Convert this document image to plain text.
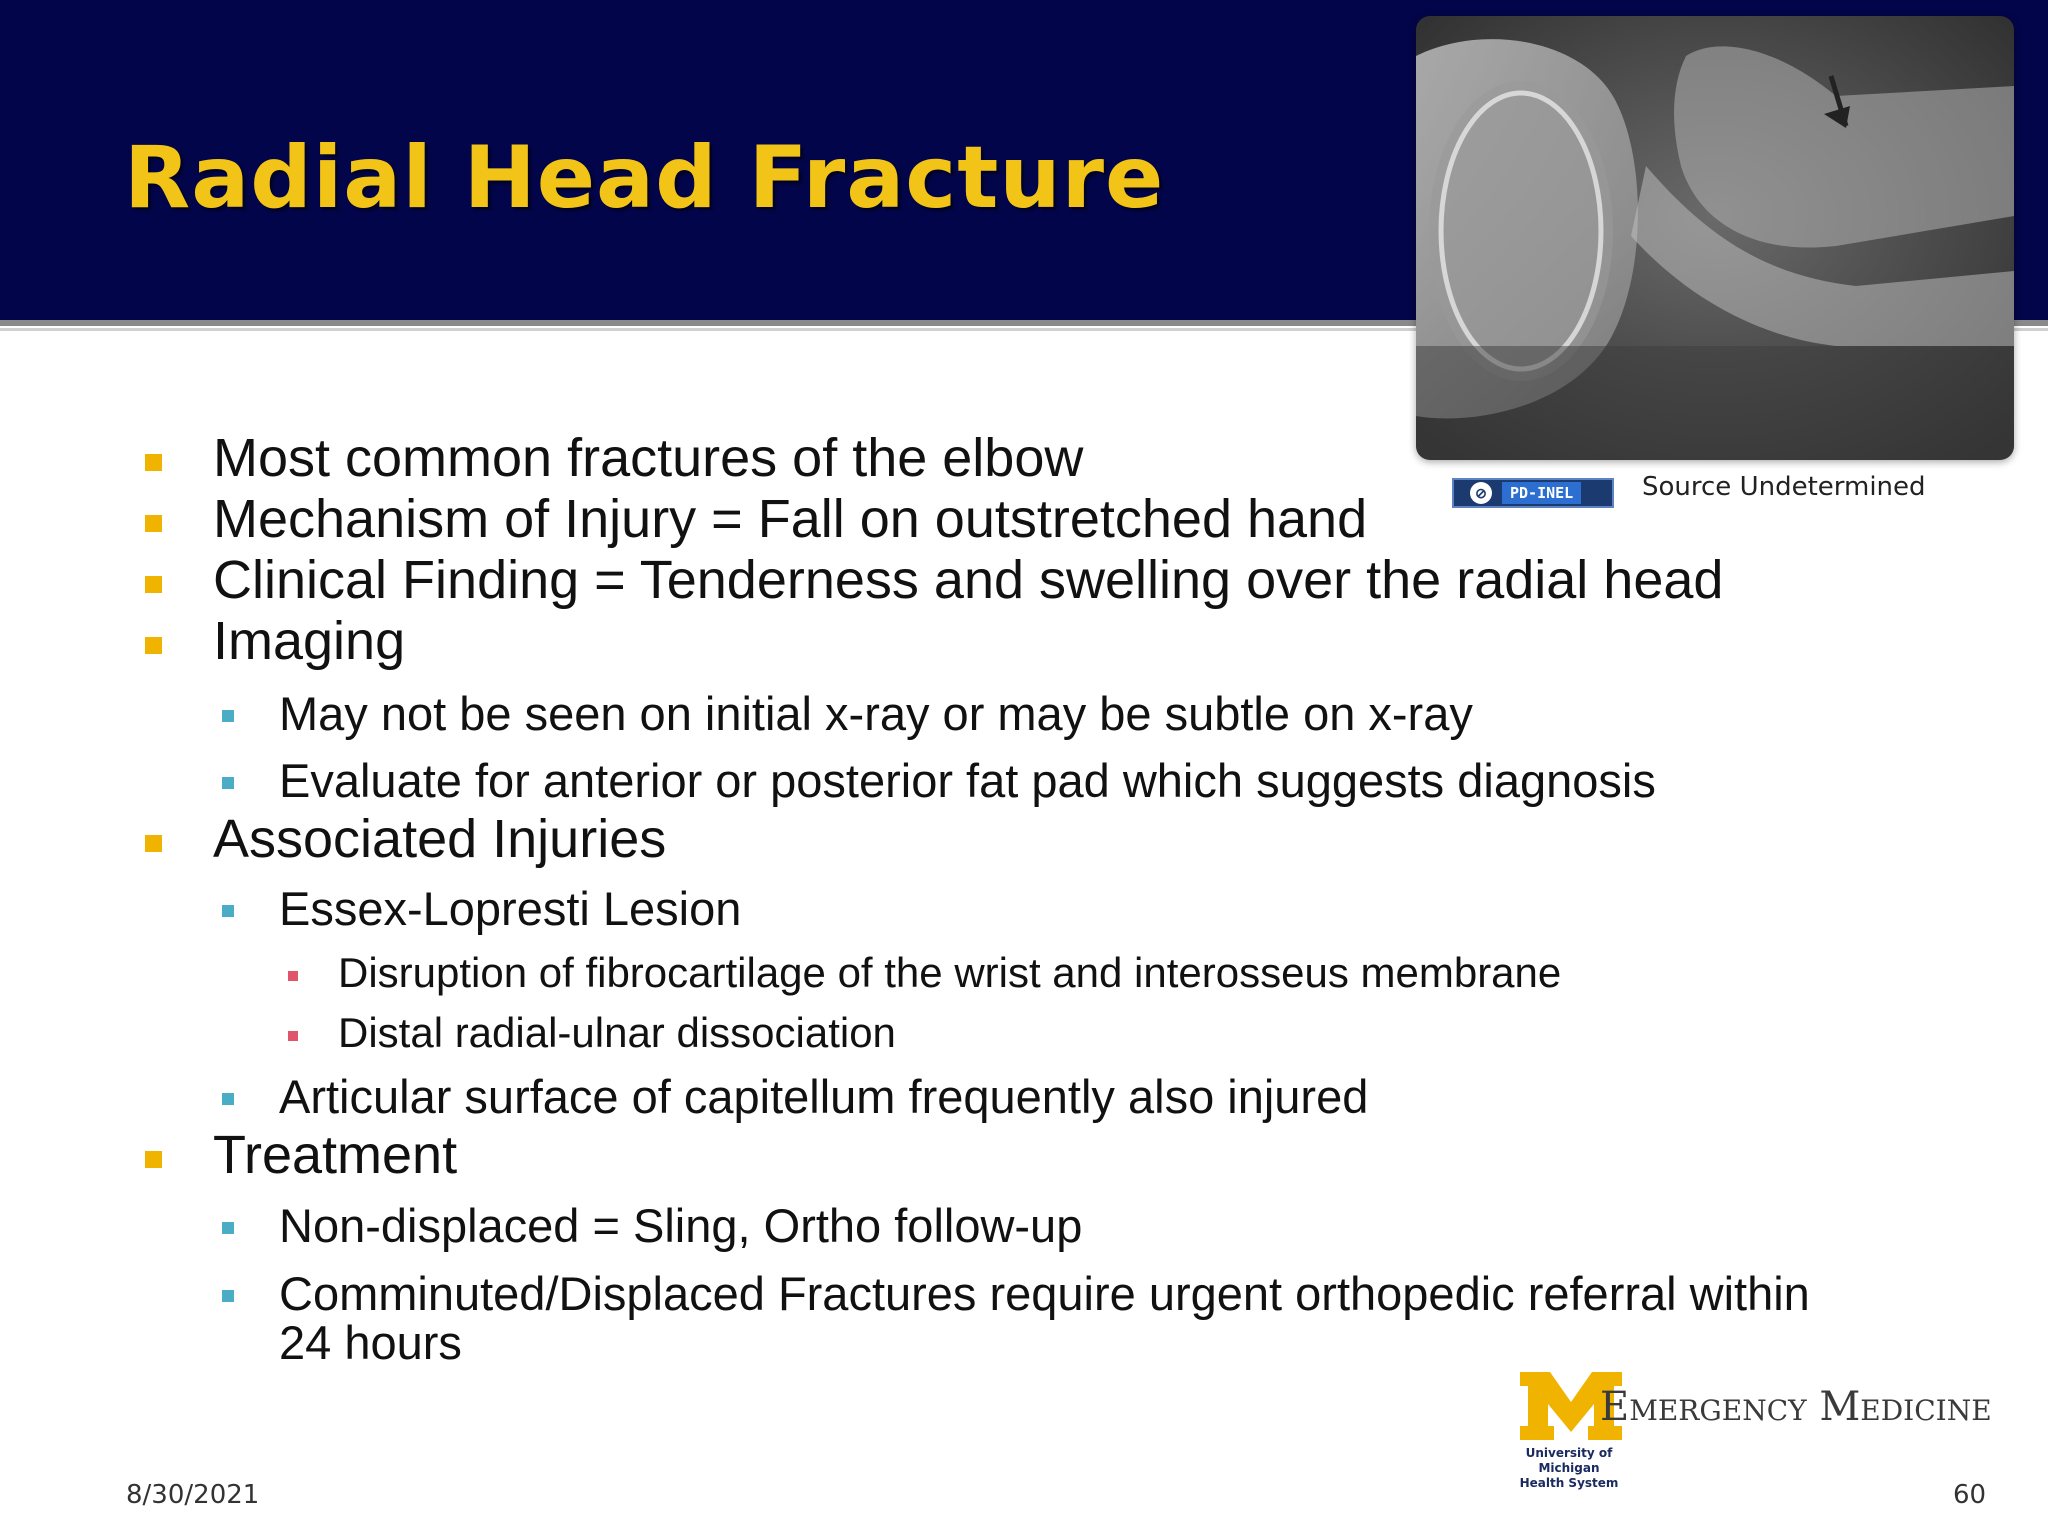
Radial Head Fracture
⊘	PD-INEL	Source Undetermined
Most common fractures of the elbow
Mechanism of Injury = Fall on outstretched hand
Clinical Finding = Tenderness and swelling over the radial head
Imaging
May not be seen on initial x-ray or may be subtle on x-ray
Evaluate for anterior or posterior fat pad which suggests diagnosis
Associated Injuries
Essex-Lopresti Lesion
Disruption of fibrocartilage of the wrist and interosseus membrane
Distal radial-ulnar dissociation
Articular surface of capitellum frequently also injured
Treatment
Non-displaced = Sling, Ortho follow-up
Comminuted/Displaced Fractures require urgent orthopedic referral within 24 hours
Emergency Medicine
University of Michigan
Health System
8/30/2021	60
